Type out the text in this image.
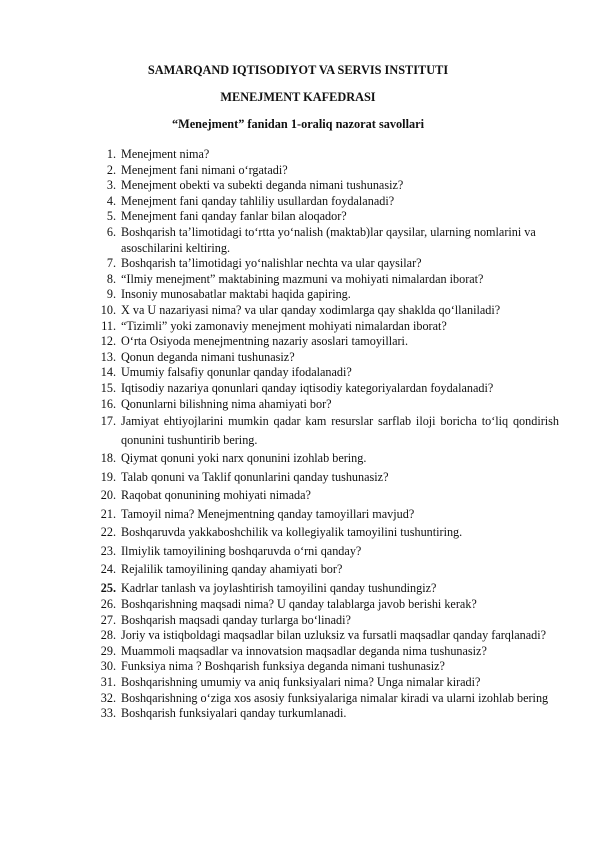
SAMARQAND IQTISODIYOT VA SERVIS INSTITUTI
MENEJMENT KAFEDRASI
“Menejment” fanidan 1-oraliq nazorat savollari
1. Menejment nima?
2. Menejment fani nimani o‘rgatadi?
3. Menejment obekti va subekti deganda nimani tushunasiz?
4. Menejment fani qanday tahliliy usullardan foydalanadi?
5. Menejment fani qanday fanlar bilan aloqador?
6. Boshqarish ta’limotidagi to‘rtta yo‘nalish (maktab)lar qaysilar, ularning nomlarini va asoschilarini keltiring.
7. Boshqarish ta’limotidagi yo‘nalishlar nechta va ular qaysilar?
8. “Ilmiy menejment” maktabining mazmuni va mohiyati nimalardan iborat?
9. Insoniy munosabatlar maktabi haqida gapiring.
10. X va U nazariyasi nima? va ular qanday xodimlarga qay shaklda qo‘llaniladi?
11. “Tizimli” yoki zamonaviy menejment mohiyati nimalardan iborat?
12. O‘rta Osiyoda menejmentning nazariy asoslari tamoyillari.
13. Qonun deganda nimani tushunasiz?
14. Umumiy falsafiy qonunlar qanday ifodalanadi?
15. Iqtisodiy nazariya qonunlari qanday iqtisodiy kategoriyalardan foydalanadi?
16. Qonunlarni bilishning nima ahamiyati bor?
17. Jamiyat ehtiyojlarini mumkin qadar kam resurslar sarflab iloji boricha to‘liq qondirish qonunini tushuntirib bering.
18. Qiymat qonuni yoki narx qonunini izohlab bering.
19. Talab qonuni va Taklif qonunlarini qanday tushunasiz?
20. Raqobat qonunining mohiyati nimada?
21. Tamoyil nima? Menejmentning qanday tamoyillari mavjud?
22. Boshqaruvda yakkaboshchilik va kollegiyalik tamoyilini tushuntiring.
23. Ilmiylik tamoyilining boshqaruvda o‘rni qanday?
24. Rejalilik tamoyilining qanday ahamiyati bor?
25. Kadrlar tanlash va joylashtirish tamoyilini qanday tushundingiz?
26. Boshqarishning maqsadi nima? U qanday talablarga javob berishi kerak?
27. Boshqarish maqsadi qanday turlarga bo‘linadi?
28. Joriy va istiqboldagi maqsadlar bilan uzluksiz va fursatli maqsadlar qanday farqlanadi?
29. Muammoli maqsadlar va innovatsion maqsadlar deganda nima tushunasiz?
30. Funksiya nima ? Boshqarish funksiya deganda nimani tushunasiz?
31. Boshqarishning umumiy va aniq funksiyalari nima? Unga nimalar kiradi?
32. Boshqarishning o‘ziga xos asosiy funksiyalariga nimalar kiradi va ularni izohlab bering
33. Boshqarish funksiyalari qanday turkumlanadi.
